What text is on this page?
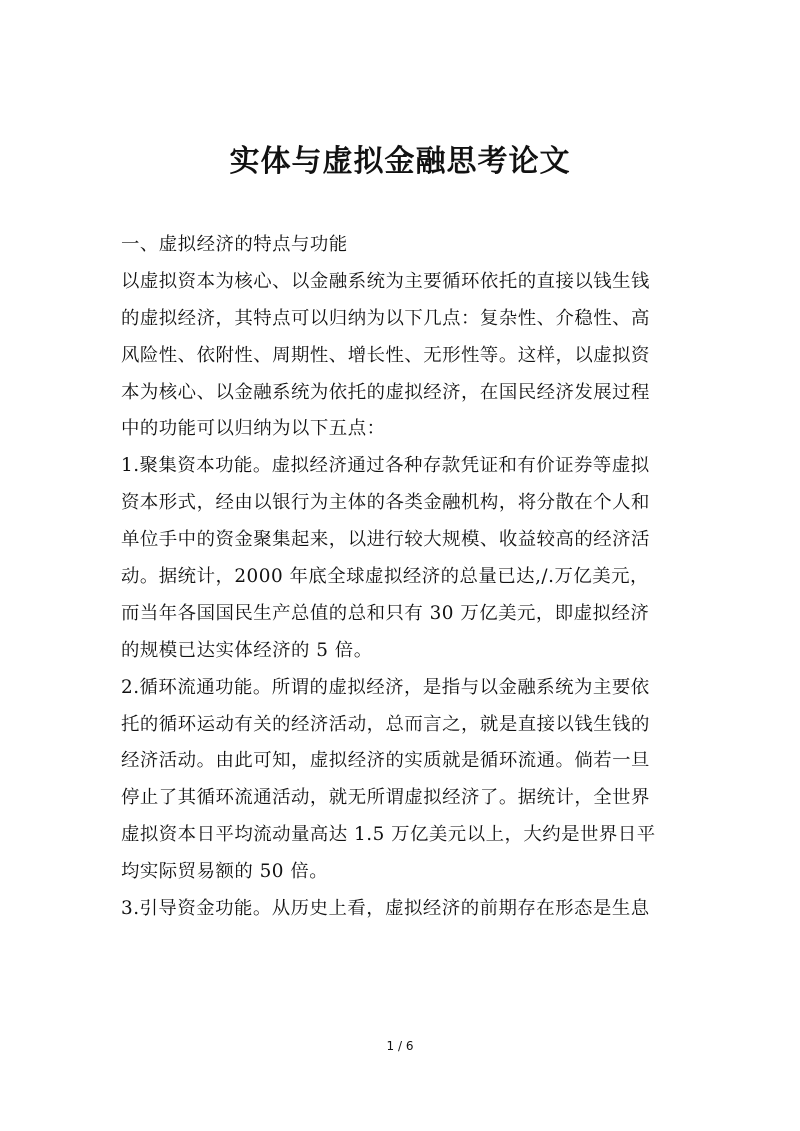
实体与虚拟金融思考论文

一、虚拟经济的特点与功能

以虚拟资本为核心、以金融系统为主要循环依托的直接以钱生钱
的虚拟经济，其特点可以归纳为以下几点：复杂性、介稳性、高
风险性、依附性、周期性、增长性、无形性等。这样，以虚拟资
本为核心、以金融系统为依托的虚拟经济，在国民经济发展过程
中的功能可以归纳为以下五点：

1.聚集资本功能。虚拟经济通过各种存款凭证和有价证券等虚拟
资本形式，经由以银行为主体的各类金融机构，将分散在个人和
单位手中的资金聚集起来，以进行较大规模、收益较高的经济活
动。据统计，2000 年底全球虚拟经济的总量已达,/.万亿美元，
而当年各国国民生产总值的总和只有 30 万亿美元，即虚拟经济
的规模已达实体经济的 5 倍。

2.循环流通功能。所谓的虚拟经济，是指与以金融系统为主要依
托的循环运动有关的经济活动，总而言之，就是直接以钱生钱的
经济活动。由此可知，虚拟经济的实质就是循环流通。倘若一旦
停止了其循环流通活动，就无所谓虚拟经济了。据统计，全世界
虚拟资本日平均流动量高达 1.5 万亿美元以上，大约是世界日平
均实际贸易额的 50 倍。

3.引导资金功能。从历史上看，虚拟经济的前期存在形态是生息

1 / 6
